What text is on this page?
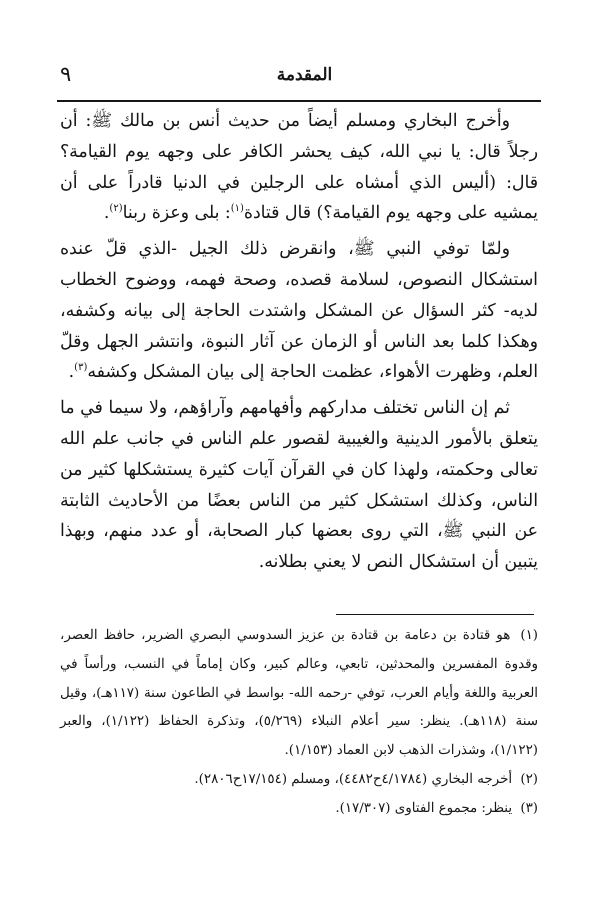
٩	المقدمة

وأخرج البخاري ومسلم أيضاً من حديث أنس بن مالك ﷺ: أن رجلاً قال: يا نبي الله، كيف يحشر الكافر على وجهه يوم القيامة؟ قال: (أليس الذي أمشاه على الرجلين في الدنيا قادراً على أن يمشيه على وجهه يوم القيامة؟) قال قتادة$^{(١)}$: بلى وعزة ربنا$^{(٢)}$.

ولمّا توفي النبي ﷺ، وانقرض ذلك الجيل -الذي قلّ عنده استشكال النصوص، لسلامة قصده، وصحة فهمه، ووضوح الخطاب لديه- كثر السؤال عن المشكل واشتدت الحاجة إلى بيانه وكشفه، وهكذا كلما بعد الناس أو الزمان عن آثار النبوة، وانتشر الجهل وقلّ العلم، وظهرت الأهواء، عظمت الحاجة إلى بيان المشكل وكشفه$^{(٣)}$.

ثم إن الناس تختلف مداركهم وأفهامهم وآراؤهم، ولا سيما في ما يتعلق بالأمور الدينية والغيبية لقصور علم الناس في جانب علم الله تعالى وحكمته، ولهذا كان في القرآن آيات كثيرة يستشكلها كثير من الناس، وكذلك استشكل كثير من الناس بعضًا من الأحاديث الثابتة عن النبي ﷺ، التي روى بعضها كبار الصحابة، أو عدد منهم، وبهذا يتبين أن استشكال النص لا يعني بطلانه.

(١) هو قتادة بن دعامة بن قتادة بن عزيز السدوسي البصري الضرير، حافظ العصر، وقدوة المفسرين والمحدثين، تابعي، وعالم كبير، وكان إماماً في النسب، ورأساً في العربية واللغة وأيام العرب، توفي -رحمه الله- بواسط في الطاعون سنة (١١٧هـ)، وقيل سنة (١١٨هـ). ينظر: سير أعلام النبلاء (٥/٢٦٩)، وتذكرة الحفاظ (١/١٢٢)، والعبر (١/١٢٢)، وشذرات الذهب لابن العماد (١/١٥٣).

(٢) أخرجه البخاري (٤/١٧٨٤ح٤٤٨٢)، ومسلم (١٧/١٥٤ح٢٨٠٦).

(٣) ينظر: مجموع الفتاوى (١٧/٣٠٧).
